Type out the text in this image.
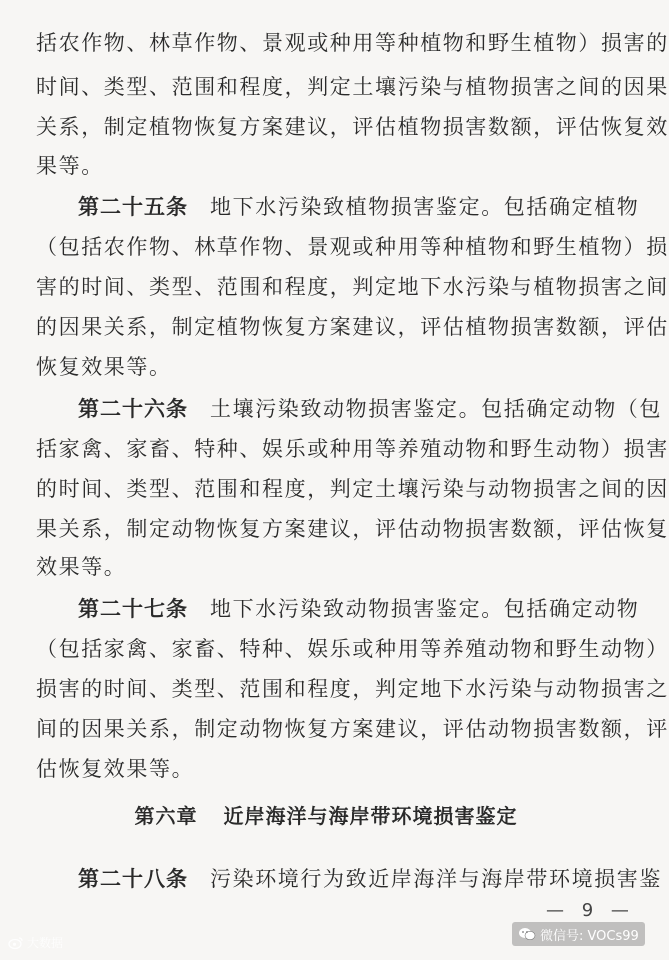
括农作物、林草作物、景观或种用等种植物和野生植物）损害的
时间、类型、范围和程度，判定土壤污染与植物损害之间的因果
关系，制定植物恢复方案建议，评估植物损害数额，评估恢复效
果等。
第二十五条 地下水污染致植物损害鉴定。包括确定植物
（包括农作物、林草作物、景观或种用等种植物和野生植物）损
害的时间、类型、范围和程度，判定地下水污染与植物损害之间
的因果关系，制定植物恢复方案建议，评估植物损害数额，评估
恢复效果等。
第二十六条 土壤污染致动物损害鉴定。包括确定动物（包
括家禽、家畜、特种、娱乐或种用等养殖动物和野生动物）损害
的时间、类型、范围和程度，判定土壤污染与动物损害之间的因
果关系，制定动物恢复方案建议，评估动物损害数额，评估恢复
效果等。
第二十七条 地下水污染致动物损害鉴定。包括确定动物
（包括家禽、家畜、特种、娱乐或种用等养殖动物和野生动物）
损害的时间、类型、范围和程度，判定地下水污染与动物损害之
间的因果关系，制定动物恢复方案建议，评估动物损害数额，评
估恢复效果等。
第六章 近岸海洋与海岸带环境损害鉴定
第二十八条 污染环境行为致近岸海洋与海岸带环境损害鉴
— 9 —
大数据	微信号: VOCs99
